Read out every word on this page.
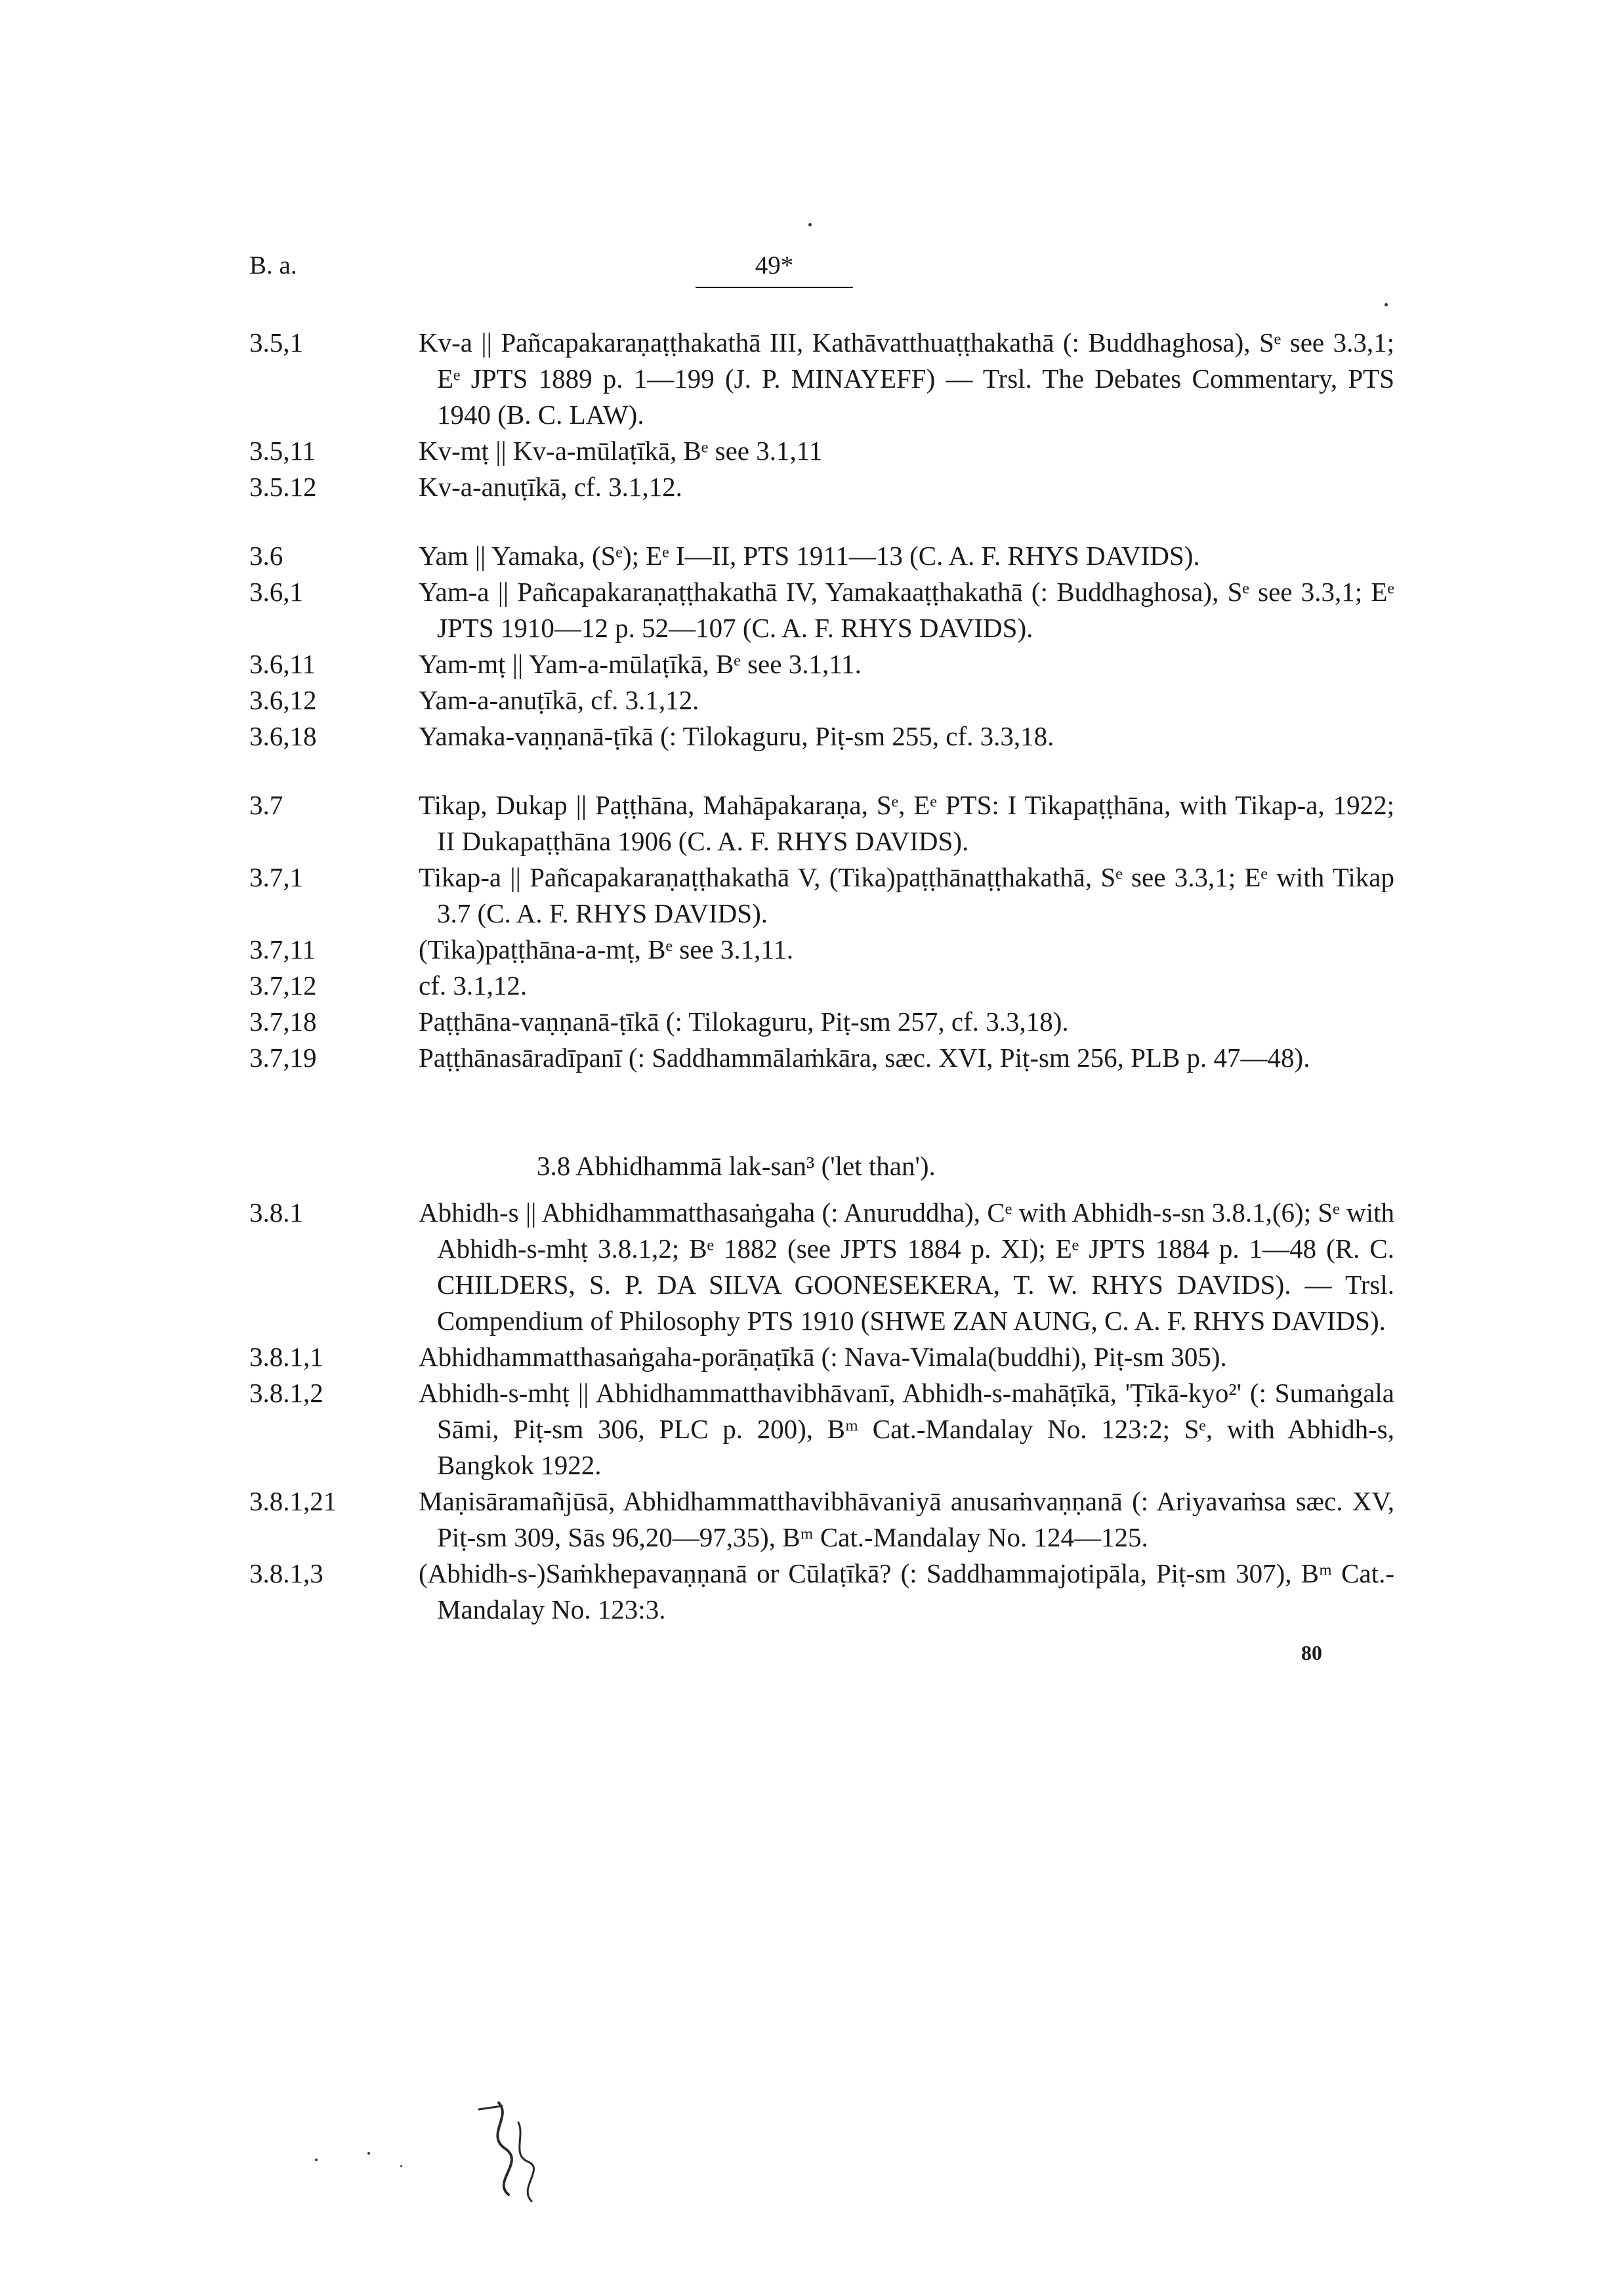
B. a.	49*
3.5,1	Kv-a || Pañcapakaraṇaṭṭhakathā III, Kathāvatthuaṭṭhakathā (: Buddhaghosa), Sᵉ see 3.3,1; Eᵉ JPTS 1889 p. 1—199 (J. P. MINAYEFF) — Trsl. The Debates Commentary, PTS 1940 (B. C. LAW).
3.5,11	Kv-mṭ || Kv-a-mūlaṭīkā, Bᵉ see 3.1,11
3.5.12	Kv-a-anuṭīkā, cf. 3.1,12.
3.6	Yam || Yamaka, (Sᵉ); Eᵉ I—II, PTS 1911—13 (C. A. F. RHYS DAVIDS).
3.6,1	Yam-a || Pañcapakaraṇaṭṭhakathā IV, Yamakaaṭṭhakathā (: Buddhaghosa), Sᵉ see 3.3,1; Eᵉ JPTS 1910—12 p. 52—107 (C. A. F. RHYS DAVIDS).
3.6,11	Yam-mṭ || Yam-a-mūlaṭīkā, Bᵉ see 3.1,11.
3.6,12	Yam-a-anuṭīkā, cf. 3.1,12.
3.6,18	Yamaka-vaṇṇanā-ṭīkā (: Tilokaguru, Piṭ-sm 255, cf. 3.3,18.
3.7	Tikap, Dukap || Paṭṭhāna, Mahāpakaraṇa, Sᵉ, Eᵉ PTS: I Tikapaṭṭhāna, with Tikap-a, 1922; II Dukapaṭṭhāna 1906 (C. A. F. RHYS DAVIDS).
3.7,1	Tikap-a || Pañcapakaraṇaṭṭhakathā V, (Tika)paṭṭhānaṭṭhakathā, Sᵉ see 3.3,1; Eᵉ with Tikap 3.7 (C. A. F. RHYS DAVIDS).
3.7,11	(Tika)paṭṭhāna-a-mṭ, Bᵉ see 3.1,11.
3.7,12	cf. 3.1,12.
3.7,18	Paṭṭhāna-vaṇṇanā-ṭīkā (: Tilokaguru, Piṭ-sm 257, cf. 3.3,18).
3.7,19	Paṭṭhānasāradīpanī (: Saddhammālaṁkāra, sæc. XVI, Piṭ-sm 256, PLB p. 47—48).
3.8 Abhidhammā lak-san³ ('let than').
3.8.1	Abhidh-s || Abhidhammatthasaṅgaha (: Anuruddha), Cᵉ with Abhidh-s-sn 3.8.1,(6); Sᵉ with Abhidh-s-mhṭ 3.8.1,2; Bᵉ 1882 (see JPTS 1884 p. XI); Eᵉ JPTS 1884 p. 1—48 (R. C. CHILDERS, S. P. DA SILVA GOONESEKERA, T. W. RHYS DAVIDS). — Trsl. Compendium of Philosophy PTS 1910 (SHWE ZAN AUNG, C. A. F. RHYS DAVIDS).
3.8.1,1	Abhidhammatthasaṅgaha-porāṇaṭīkā (: Nava-Vimala(buddhi), Piṭ-sm 305).
3.8.1,2	Abhidh-s-mhṭ || Abhidhammatthavibhāvanī, Abhidh-s-mahāṭīkā, 'Ṭīkā-kyo²' (: Sumaṅgala Sāmi, Piṭ-sm 306, PLC p. 200), Bᵐ Cat.-Mandalay No. 123:2; Sᵉ, with Abhidh-s, Bangkok 1922.
3.8.1,21	Maṇisāramañjūsā, Abhidhammatthavibhāvaniyā anusaṁvaṇṇanā (: Ariyavaṁsa sæc. XV, Piṭ-sm 309, Sās 96,20—97,35), Bᵐ Cat.-Mandalay No. 124—125.
3.8.1,3	(Abhidh-s-)Saṁkhepavaṇṇanā or Cūlaṭīkā? (: Saddhammajotipāla, Piṭ-sm 307), Bᵐ Cat.-Mandalay No. 123:3.
80
